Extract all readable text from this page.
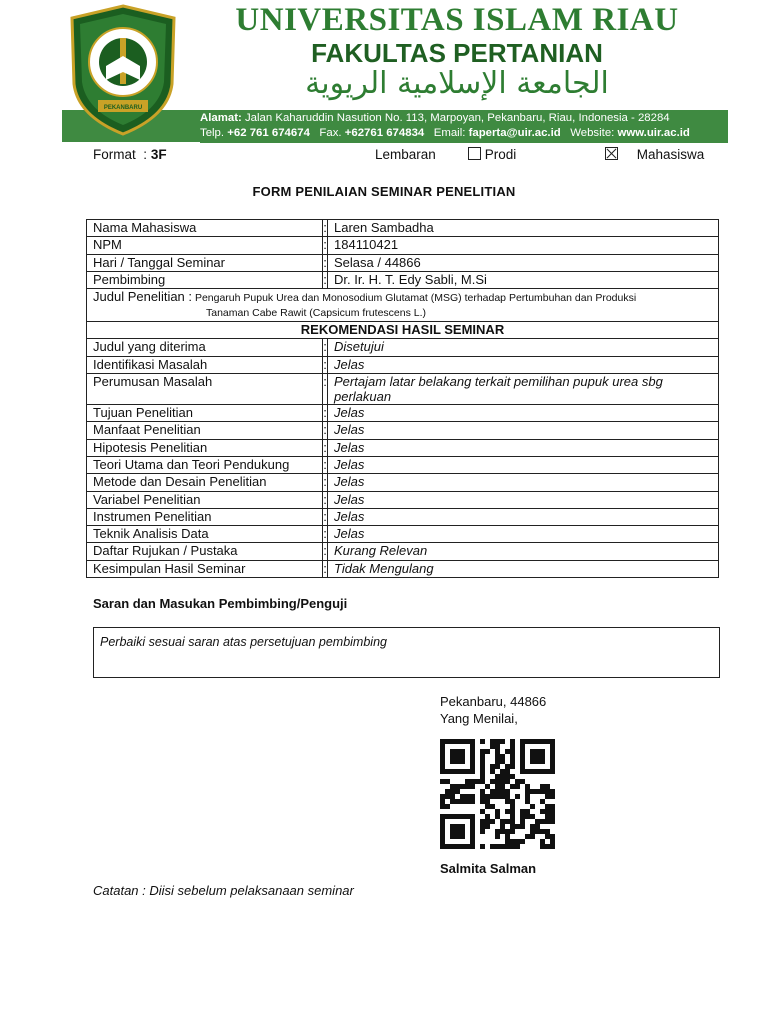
PEKANBARU
UNIVERSITAS ISLAM RIAU
FAKULTAS PERTANIAN
الجامعة الإسلامية الريوية
Alamat: Jalan Kaharuddin Nasution No. 113, Marpoyan, Pekanbaru, Riau, Indonesia - 28284
Telp. +62 761 674674 Fax. +62761 674834 Email: faperta@uir.ac.id Website: www.uir.ac.id
Format : 3F	Lembaran	Prodi	Mahasiswa
FORM PENILAIAN SEMINAR PENELITIAN
Nama Mahasiswa	:	Laren Sambadha
NPM	:	184110421
Hari / Tanggal Seminar	:	Selasa / 44866
Pembimbing	:	Dr. Ir. H. T. Edy Sabli, M.Si

Judul Penelitian : Pengaruh Pupuk Urea dan Monosodium Glutamat (MSG) terhadap Pertumbuhan dan Produksi
Tanaman Cabe Rawit (Capsicum frutescens L.)		

REKOMENDASI HASIL SEMINAR		
Judul yang diterima	:	Disetujui
Identifikasi Masalah	:	Jelas
Perumusan Masalah	:	Pertajam latar belakang terkait pemilihan pupuk urea sbg perlakuan
Tujuan Penelitian	:	Jelas
Manfaat Penelitian	:	Jelas
Hipotesis Penelitian	:	Jelas
Teori Utama dan Teori Pendukung	:	Jelas
Metode dan Desain Penelitian	:	Jelas
Variabel Penelitian	:	Jelas
Instrumen Penelitian	:	Jelas
Teknik Analisis Data	:	Jelas
Daftar Rujukan / Pustaka	:	Kurang Relevan
Kesimpulan Hasil Seminar	:	Tidak Mengulang
Saran dan Masukan Pembimbing/Penguji
Perbaiki sesuai saran atas persetujuan pembimbing
Pekanbaru, 44866
Yang Menilai,
Salmita Salman
Catatan : Diisi sebelum pelaksanaan seminar
